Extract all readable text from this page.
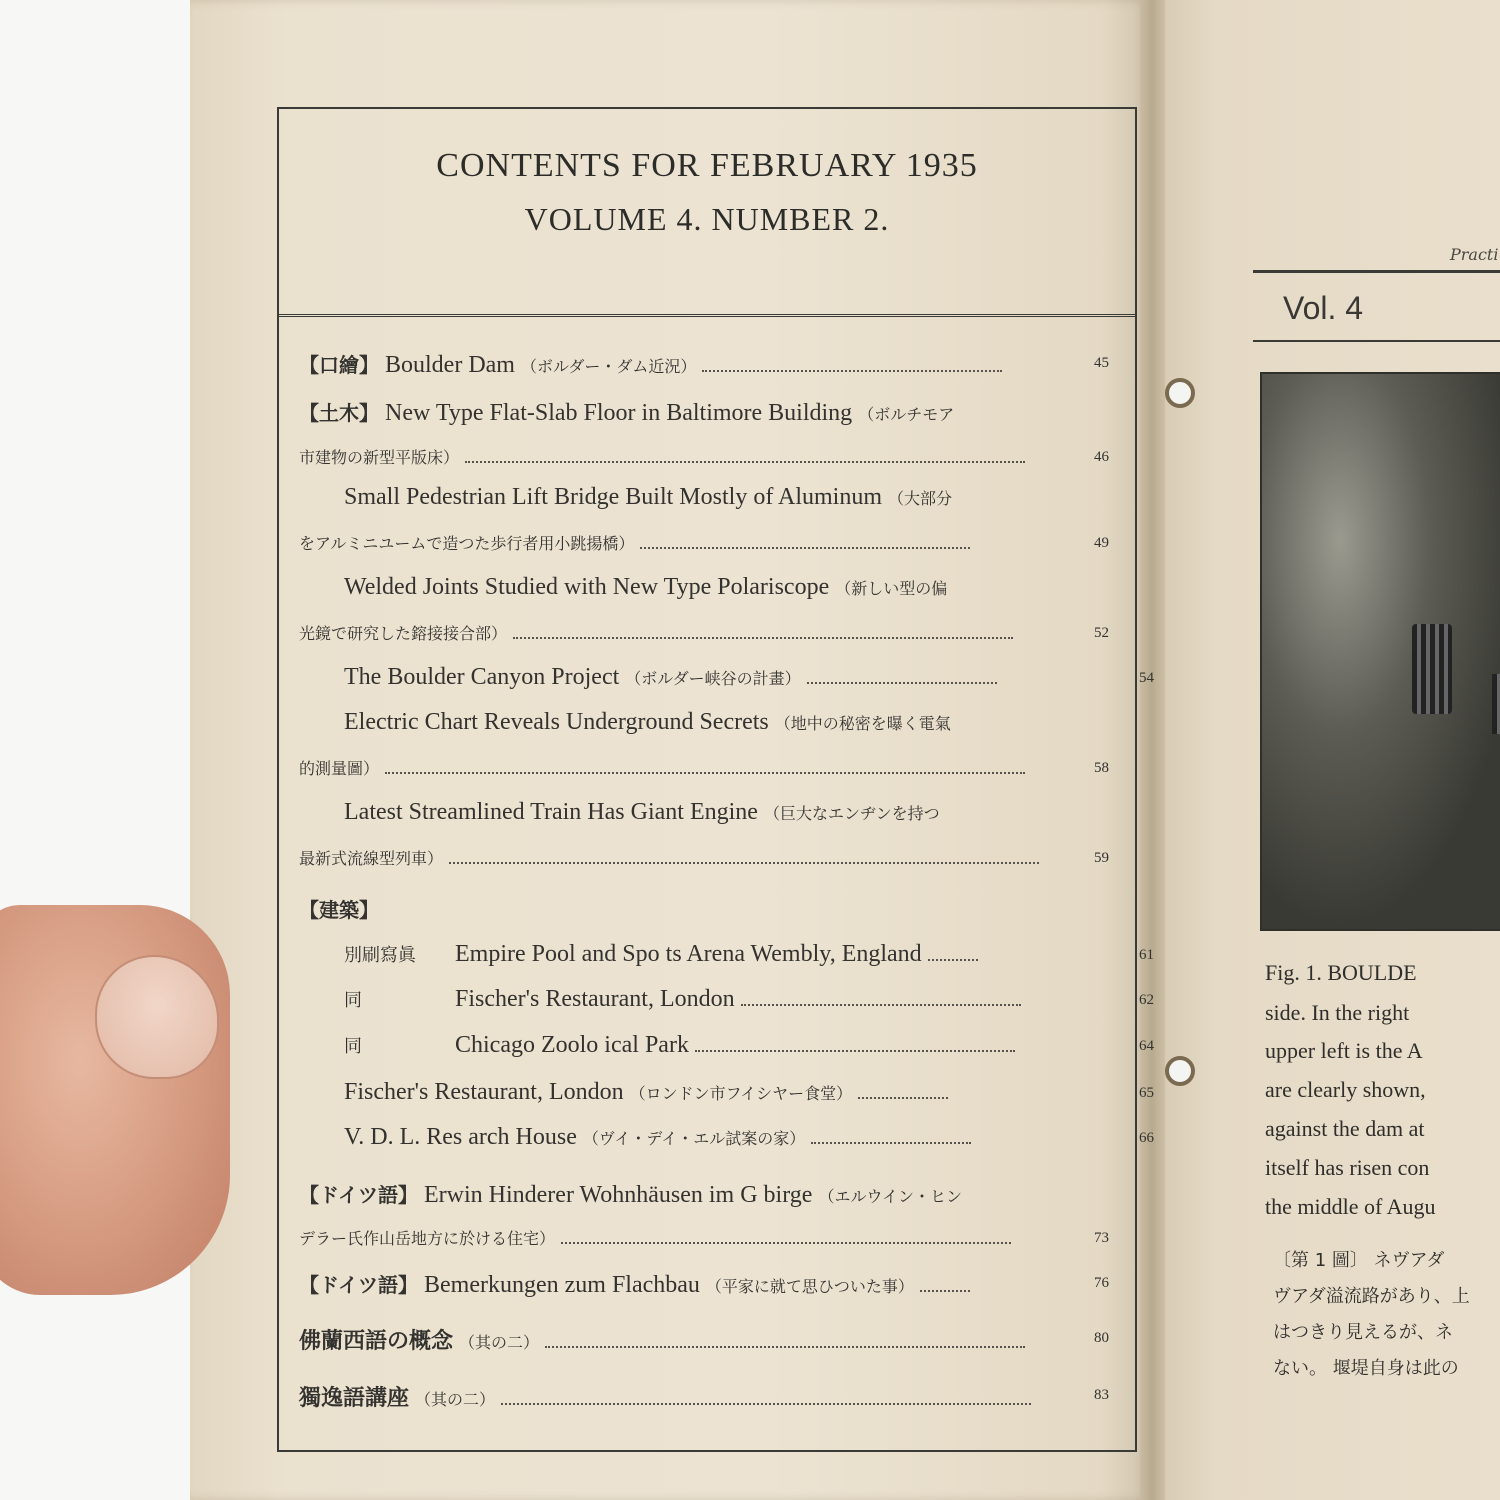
CONTENTS FOR FEBRUARY 1935
VOLUME 4. NUMBER 2.
【口繪】 Boulder Dam （ボルダー・ダム近況）	45
【土木】 New Type Flat-Slab Floor in Baltimore Building （ボルチモア
市建物の新型平版床）	46
Small Pedestrian Lift Bridge Built Mostly of Aluminum （大部分
をアルミニユームで造つた歩行者用小跳揚橋）	49
Welded Joints Studied with New Type Polariscope （新しい型の偏
光鏡で研究した鎔接接合部）	52
The Boulder Canyon Project （ボルダー峡谷の計畫）	54
Electric Chart Reveals Underground Secrets （地中の秘密を曝く電氣
的測量圖）	58
Latest Streamlined Train Has Giant Engine （巨大なエンヂンを持つ
最新式流線型列車）	59
【建築】
別刷寫眞 Empire Pool and Spo ts Arena Wembly, England	61
同	Fischer's Restaurant, London	62
同	Chicago Zoolo ical Park	64
Fischer's Restaurant, London （ロンドン市フイシヤー食堂）	65
V. D. L. Res arch House （ヴイ・デイ・エル試案の家）	66
【ドイツ語】 Erwin Hinderer Wohnhäusen im G birge （エルウイン・ヒン
デラー氏作山岳地方に於ける住宅）	73
【ドイツ語】 Bemerkungen zum Flachbau （平家に就て思ひついた事）	76
佛蘭西語の概念 （其の二）	80
獨逸語講座 （其の二）	83
Practi
Vol. 4
Fig. 1. BOULDE
side. In the right
upper left is the A
are clearly shown,
against the dam at
itself has risen con
the middle of Augu
〔第 1 圖〕 ネヴアダ
ヴアダ溢流路があり、上
はつきり見えるが、ネ
ない。 堰堤自身は此の
